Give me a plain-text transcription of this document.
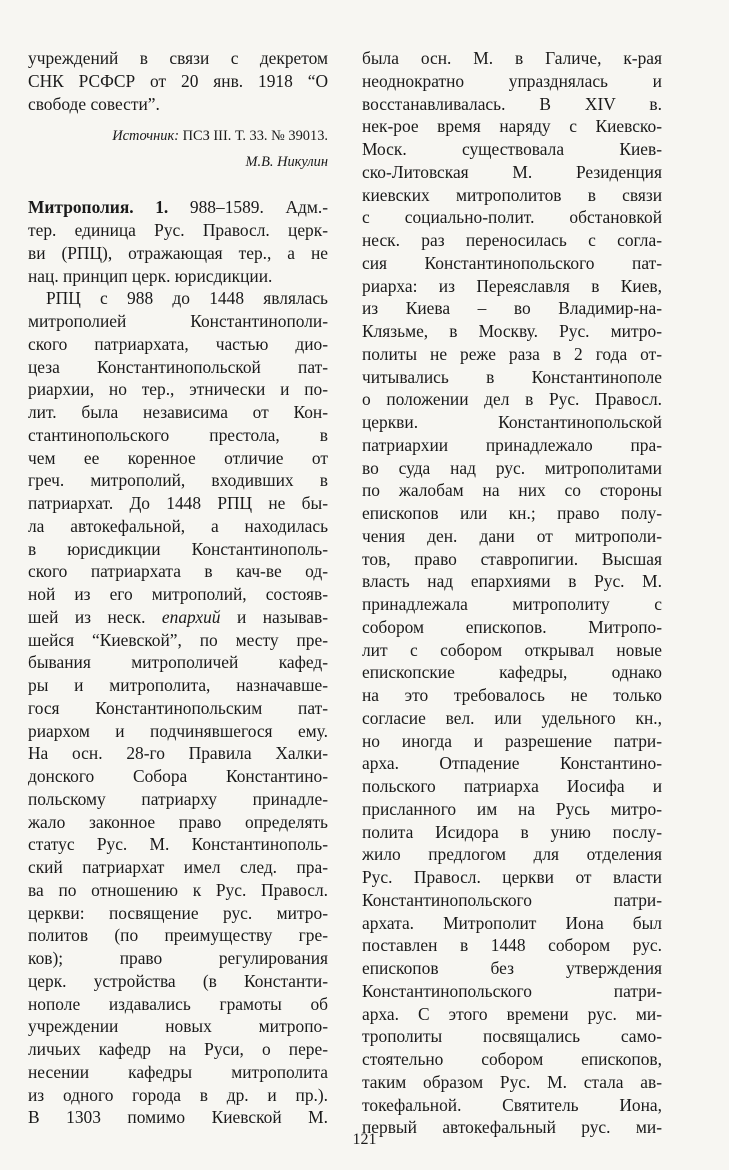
учреждений в связи с декретом
СНК РСФСР от 20 янв. 1918 “О
свободе совести”.
Источник: ПСЗ III. Т. 33. № 39013.
М.В. Никулин
Митрополия. 1. 988–1589. Адм.-
тер. единица Рус. Правосл. церк-
ви (РПЦ), отражающая тер., а не
нац. принцип церк. юрисдикции.
РПЦ с 988 до 1448 являлась
митрополией Константинополи-
ского патриархата, частью дио-
цеза Константинопольской пат-
риархии, но тер., этнически и по-
лит. была независима от Кон-
стантинопольского престола, в
чем ее коренное отличие от
греч. митрополий, входивших в
патриархат. До 1448 РПЦ не бы-
ла автокефальной, а находилась
в юрисдикции Константинополь-
ского патриархата в кач-ве од-
ной из его митрополий, состояв-
шей из неск. епархий и называв-
шейся “Киевской”, по месту пре-
бывания митрополичей кафед-
ры и митрополита, назначавше-
гося Константинопольским пат-
риархом и подчинявшегося ему.
На осн. 28-го Правила Халки-
донского Собора Константино-
польскому патриарху принадле-
жало законное право определять
статус Рус. М. Константинополь-
ский патриархат имел след. пра-
ва по отношению к Рус. Правосл.
церкви: посвящение рус. митро-
политов (по преимуществу гре-
ков); право регулирования
церк. устройства (в Константи-
нополе издавались грамоты об
учреждении новых митропо-
личьих кафедр на Руси, о пере-
несении кафедры митрополита
из одного города в др. и пр.).
В 1303 помимо Киевской М.
была осн. М. в Галиче, к-рая
неоднократно упразднялась и
восстанавливалась. В XIV в.
нек-рое время наряду с Киевско-
Моск. существовала Киев-
ско-Литовская М. Резиденция
киевских митрополитов в связи
с социально-полит. обстановкой
неск. раз переносилась с согла-
сия Константинопольского пат-
риарха: из Переяславля в Киев,
из Киева – во Владимир-на-
Клязьме, в Москву. Рус. митро-
политы не реже раза в 2 года от-
читывались в Константинополе
о положении дел в Рус. Правосл.
церкви. Константинопольской
патриархии принадлежало пра-
во суда над рус. митрополитами
по жалобам на них со стороны
епископов или кн.; право полу-
чения ден. дани от митрополи-
тов, право ставропигии. Высшая
власть над епархиями в Рус. М.
принадлежала митрополиту с
собором епископов. Митропо-
лит с собором открывал новые
епископские кафедры, однако
на это требовалось не только
согласие вел. или удельного кн.,
но иногда и разрешение патри-
арха. Отпадение Константино-
польского патриарха Иосифа и
присланного им на Русь митро-
полита Исидора в унию послу-
жило предлогом для отделения
Рус. Правосл. церкви от власти
Константинопольского патри-
архата. Митрополит Иона был
поставлен в 1448 собором рус.
епископов без утверждения
Константинопольского патри-
арха. С этого времени рус. ми-
трополиты посвящались само-
стоятельно собором епископов,
таким образом Рус. М. стала ав-
токефальной. Святитель Иона,
первый автокефальный рус. ми-
121
